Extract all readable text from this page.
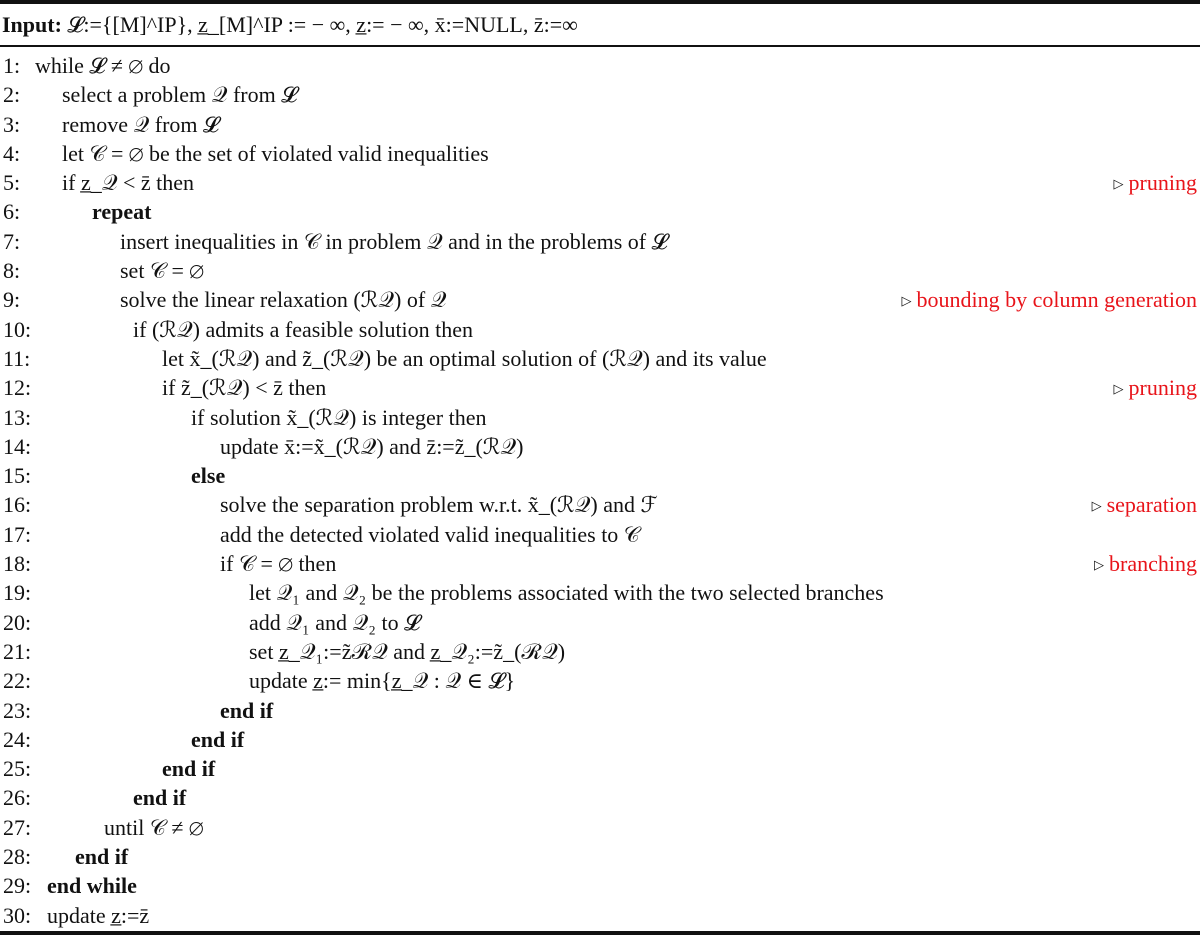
Input: 𝓛:={[M]^IP}, z̲_[M]^IP := − ∞, z̲:= − ∞, x̄:=NULL, z̄:=∞
1: while 𝓛 ≠ ∅ do
2: select a problem 𝒬 from 𝓛
3: remove 𝒬 from 𝓛
4: let 𝒞 = ∅ be the set of violated valid inequalities
5: if z̲_𝒬 < z̄ then	▷ pruning
6:	repeat
7:	insert inequalities in 𝒞 in problem 𝒬 and in the problems of 𝓛
8:	set 𝒞 = ∅
9:	solve the linear relaxation (ℛ𝒬) of 𝒬	▷ bounding by column generation
10:	if (ℛ𝒬) admits a feasible solution then
11:	let x̃_(ℛ𝒬) and z̃_(ℛ𝒬) be an optimal solution of (ℛ𝒬) and its value
12:	if z̃_(ℛ𝒬) < z̄ then	▷ pruning
13:	if solution x̃_(ℛ𝒬) is integer then
14:	update x̄:=x̃_(ℛ𝒬) and z̄:=z̃_(ℛ𝒬)
15:	else
16:	solve the separation problem w.r.t. x̃_(ℛ𝒬) and ℱ	▷ separation
17:	add the detected violated valid inequalities to 𝒞
18:	if 𝒞 = ∅ then	▷ branching
19:	let 𝒬₁ and 𝒬₂ be the problems associated with the two selected branches
20:	add 𝒬₁ and 𝒬₂ to 𝓛
21:	set z̲_𝒬₁:=z̃ℛ𝒬 and z̲_𝒬₂:=z̃_(ℛ𝒬)
22:	update z̲:= min{z̲_𝒬 : 𝒬 ∈ 𝓛}
23:	end if
24:	end if
25:	end if
26:	end if
27:	until 𝒞 ≠ ∅
28: end if
29: end while
30: update z̲:=z̄
